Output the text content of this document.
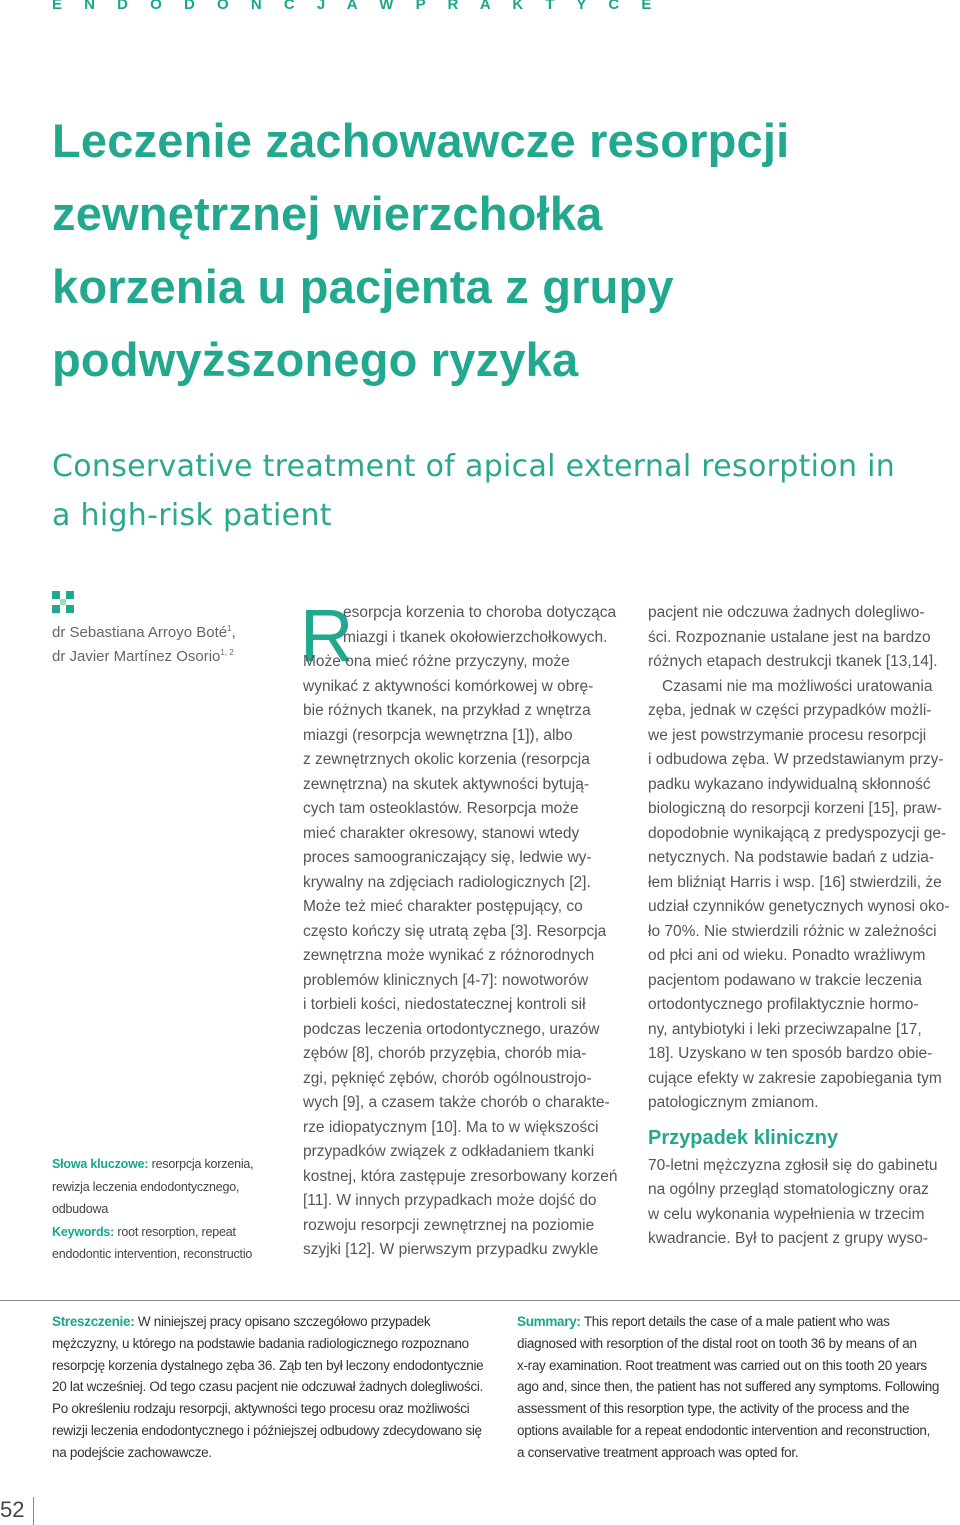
E N D O D O N C J A W P R A K T Y C E
Leczenie zachowawcze resorpcji
zewnętrznej wierzchołka
korzenia u pacjenta z grupy
podwyższonego ryzyka
Conservative treatment of apical external resorption in
a high-risk patient
dr Sebastiana Arroyo Boté$^1$,
dr Javier Martínez Osorio$^{1, 2}$
Słowa kluczowe: resorpcja korzenia,
rewizja leczenia endodontycznego,
odbudowa
Keywords: root resorption, repeat
endodontic intervention, reconstructio
R
esorpcja korzenia to choroba dotycząca
miazgi i tkanek okołowierzchołkowych.
Może ona mieć różne przyczyny, może
wynikać z aktywności komórkowej w obrę-
bie różnych tkanek, na przykład z wnętrza
miazgi (resorpcja wewnętrzna [1]), albo
z zewnętrznych okolic korzenia (resorpcja
zewnętrzna) na skutek aktywności bytują-
cych tam osteoklastów. Resorpcja może
mieć charakter okresowy, stanowi wtedy
proces samoograniczający się, ledwie wy-
krywalny na zdjęciach radiologicznych [2].
Może też mieć charakter postępujący, co
często kończy się utratą zęba [3]. Resorpcja
zewnętrzna może wynikać z różnorodnych
problemów klinicznych [4-7]: nowotworów
i torbieli kości, niedostatecznej kontroli sił
podczas leczenia ortodontycznego, urazów
zębów [8], chorób przyzębia, chorób mia-
zgi, pęknięć zębów, chorób ogólnoustrojo-
wych [9], a czasem także chorób o charakte-
rze idiopatycznym [10]. Ma to w większości
przypadków związek z odkładaniem tkanki
kostnej, która zastępuje zresorbowany korzeń
[11]. W innych przypadkach może dojść do
rozwoju resorpcji zewnętrznej na poziomie
szyjki [12]. W pierwszym przypadku zwykle
pacjent nie odczuwa żadnych dolegliwo-
ści. Rozpoznanie ustalane jest na bardzo
różnych etapach destrukcji tkanek [13,14].
Czasami nie ma możliwości uratowania
zęba, jednak w części przypadków możli-
we jest powstrzymanie procesu resorpcji
i odbudowa zęba. W przedstawianym przy-
padku wykazano indywidualną skłonność
biologiczną do resorpcji korzeni [15], praw-
dopodobnie wynikającą z predyspozycji ge-
netycznych. Na podstawie badań z udzia-
łem bliźniąt Harris i wsp. [16] stwierdzili, że
udział czynników genetycznych wynosi oko-
ło 70%. Nie stwierdzili różnic w zależności
od płci ani od wieku. Ponadto wrażliwym
pacjentom podawano w trakcie leczenia
ortodontycznego profilaktycznie hormo-
ny, antybiotyki i leki przeciwzapalne [17,
18]. Uzyskano w ten sposób bardzo obie-
cujące efekty w zakresie zapobiegania tym
patologicznym zmianom.
Przypadek kliniczny
70-letni mężczyzna zgłosił się do gabinetu
na ogólny przegląd stomatologiczny oraz
w celu wykonania wypełnienia w trzecim
kwadrancie. Był to pacjent z grupy wyso-
Streszczenie: W niniejszej pracy opisano szczegółowo przypadek
mężczyzny, u którego na podstawie badania radiologicznego rozpoznano
resorpcję korzenia dystalnego zęba 36. Ząb ten był leczony endodontycznie
20 lat wcześniej. Od tego czasu pacjent nie odczuwał żadnych dolegliwości.
Po określeniu rodzaju resorpcji, aktywności tego procesu oraz możliwości
rewizji leczenia endodontycznego i późniejszej odbudowy zdecydowano się
na podejście zachowawcze.
Summary: This report details the case of a male patient who was
diagnosed with resorption of the distal root on tooth 36 by means of an
x-ray examination. Root treatment was carried out on this tooth 20 years
ago and, since then, the patient has not suffered any symptoms. Following
assessment of this resorption type, the activity of the process and the
options available for a repeat endodontic intervention and reconstruction,
a conservative treatment approach was opted for.
52
